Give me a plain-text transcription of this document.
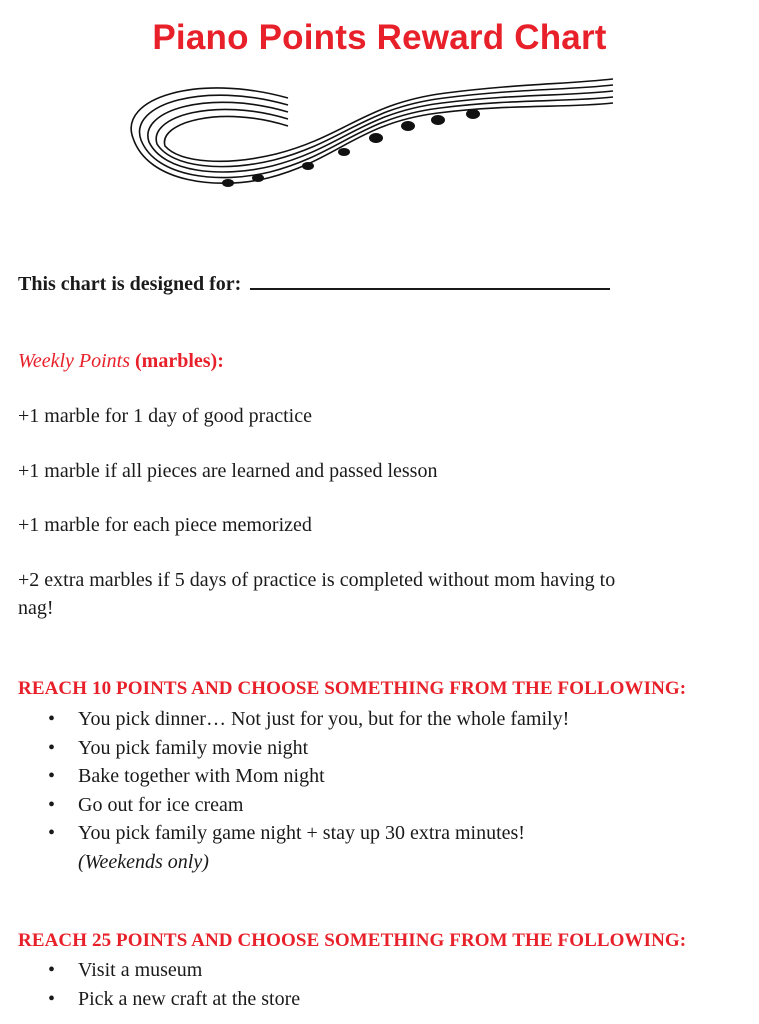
Piano Points Reward Chart
This chart is designed for:
Weekly Points (marbles):
+1 marble for 1 day of good practice
+1 marble if all pieces are learned and passed lesson
+1 marble for each piece memorized
+2 extra marbles if 5 days of practice is completed without mom having to
nag!
REACH 10 POINTS AND CHOOSE SOMETHING FROM THE FOLLOWING:
• You pick dinner… Not just for you, but for the whole family!
• You pick family movie night
• Bake together with Mom night
• Go out for ice cream
• You pick family game night + stay up 30 extra minutes!
(Weekends only)
REACH 25 POINTS AND CHOOSE SOMETHING FROM THE FOLLOWING:
• Visit a museum
• Pick a new craft at the store
